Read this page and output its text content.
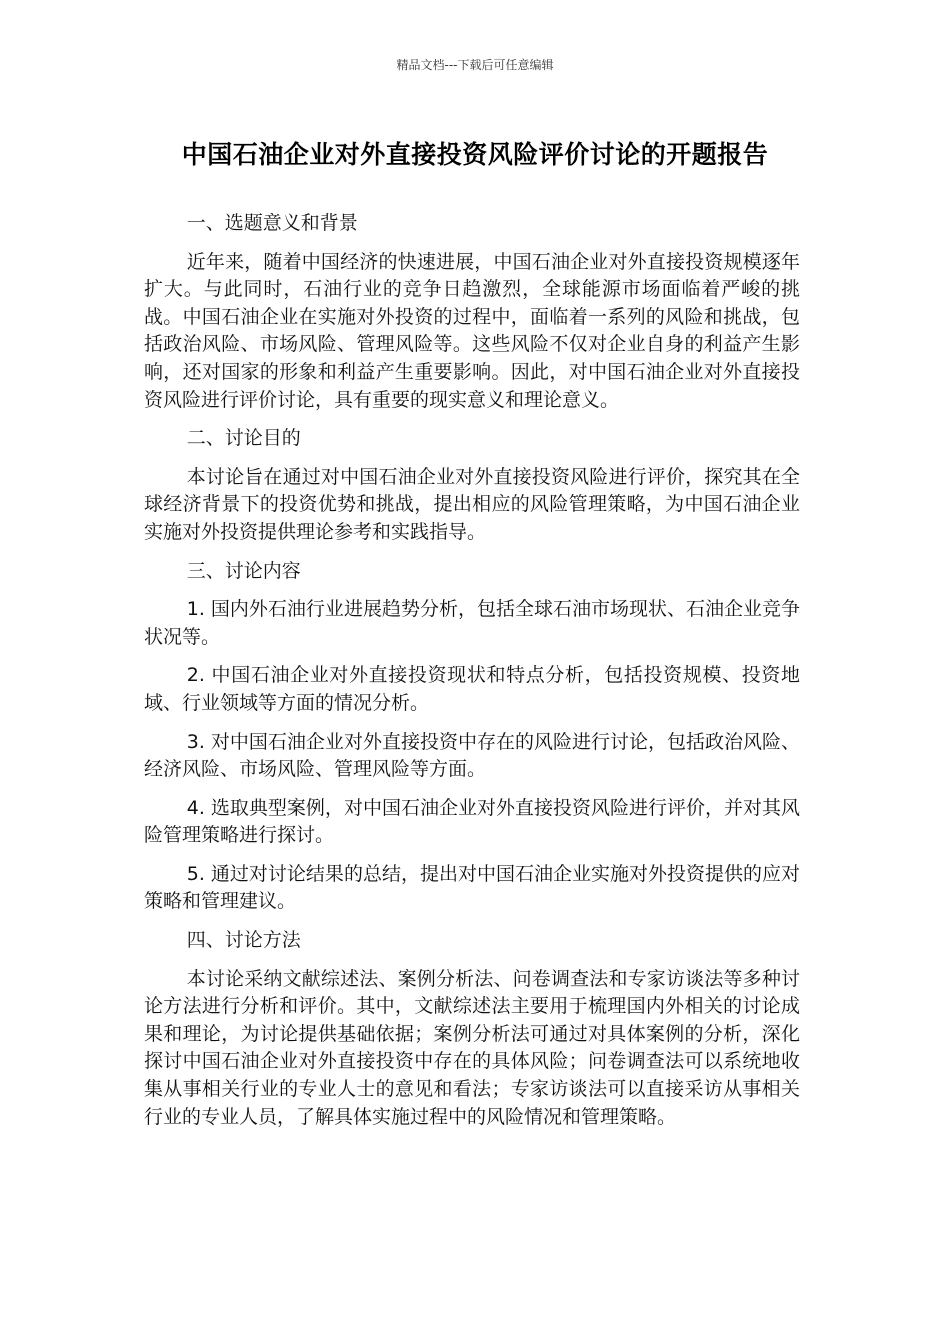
精品文档---下载后可任意编辑
中国石油企业对外直接投资风险评价讨论的开题报告
一、选题意义和背景

近年来，随着中国经济的快速进展，中国石油企业对外直接投资规模逐年扩大。与此同时，石油行业的竞争日趋激烈，全球能源市场面临着严峻的挑战。中国石油企业在实施对外投资的过程中，面临着一系列的风险和挑战，包括政治风险、市场风险、管理风险等。这些风险不仅对企业自身的利益产生影响，还对国家的形象和利益产生重要影响。因此，对中国石油企业对外直接投资风险进行评价讨论，具有重要的现实意义和理论意义。

二、讨论目的

本讨论旨在通过对中国石油企业对外直接投资风险进行评价，探究其在全球经济背景下的投资优势和挑战，提出相应的风险管理策略，为中国石油企业实施对外投资提供理论参考和实践指导。

三、讨论内容

1. 国内外石油行业进展趋势分析，包括全球石油市场现状、石油企业竞争状况等。

2. 中国石油企业对外直接投资现状和特点分析，包括投资规模、投资地域、行业领域等方面的情况分析。

3. 对中国石油企业对外直接投资中存在的风险进行讨论，包括政治风险、经济风险、市场风险、管理风险等方面。

4. 选取典型案例，对中国石油企业对外直接投资风险进行评价，并对其风险管理策略进行探讨。

5. 通过对讨论结果的总结，提出对中国石油企业实施对外投资提供的应对策略和管理建议。

四、讨论方法

本讨论采纳文献综述法、案例分析法、问卷调查法和专家访谈法等多种讨论方法进行分析和评价。其中，文献综述法主要用于梳理国内外相关的讨论成果和理论，为讨论提供基础依据；案例分析法可通过对具体案例的分析，深化探讨中国石油企业对外直接投资中存在的具体风险；问卷调查法可以系统地收集从事相关行业的专业人士的意见和看法；专家访谈法可以直接采访从事相关行业的专业人员，了解具体实施过程中的风险情况和管理策略。
